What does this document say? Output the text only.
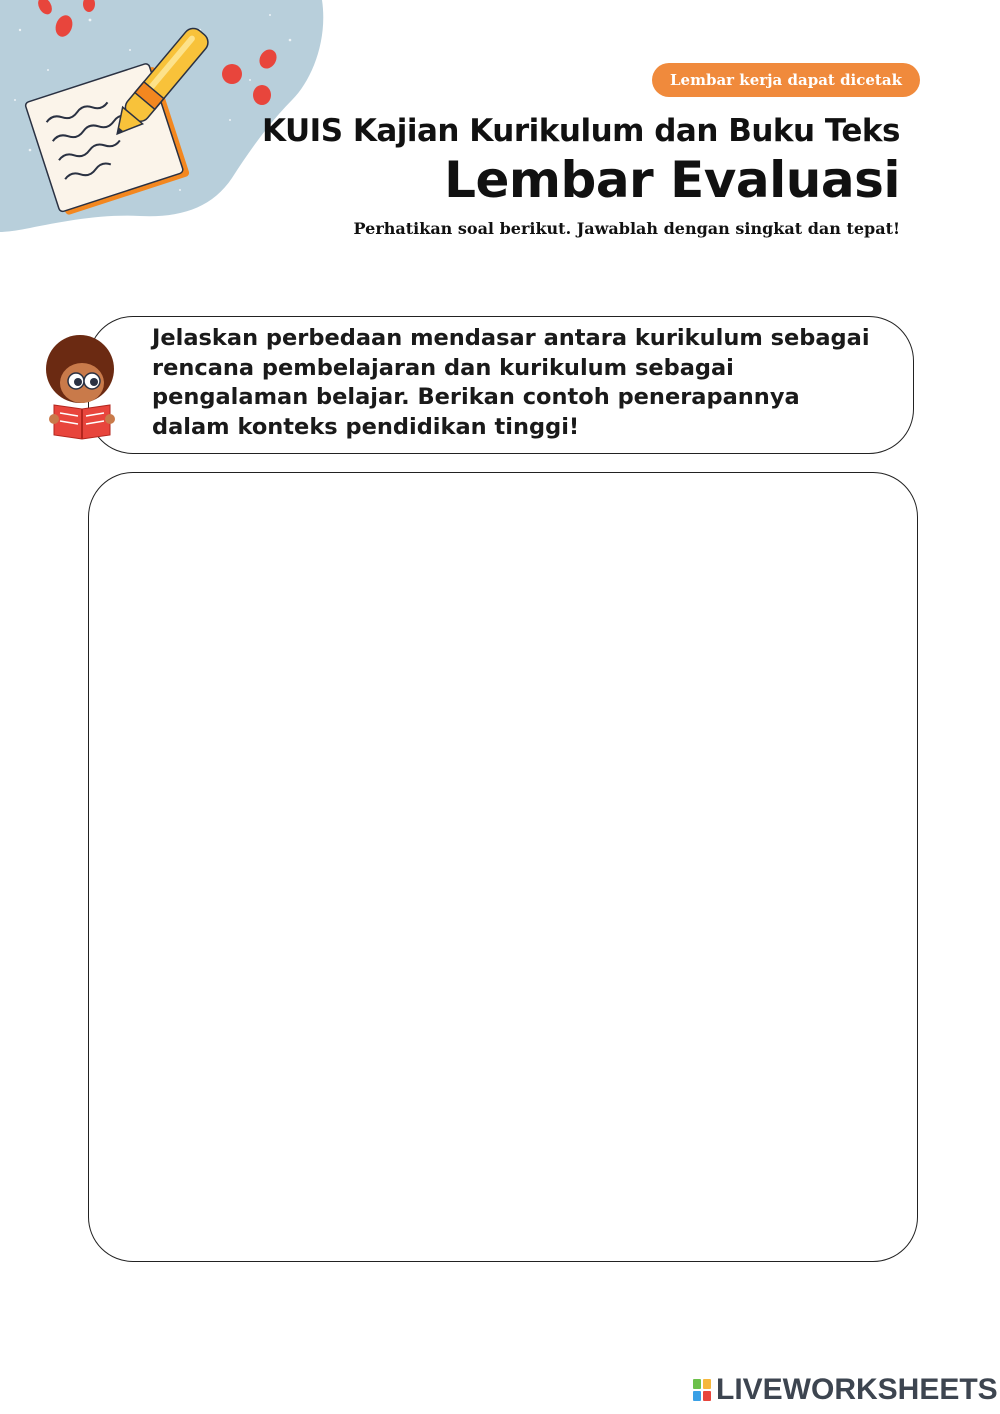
Lembar kerja dapat dicetak
KUIS Kajian Kurikulum dan Buku Teks
Lembar Evaluasi
Perhatikan soal berikut. Jawablah dengan singkat dan tepat!
Jelaskan perbedaan mendasar antara kurikulum sebagai rencana pembelajaran dan kurikulum sebagai pengalaman belajar. Berikan contoh penerapannya dalam konteks pendidikan tinggi!
LIVEWORKSHEETS
